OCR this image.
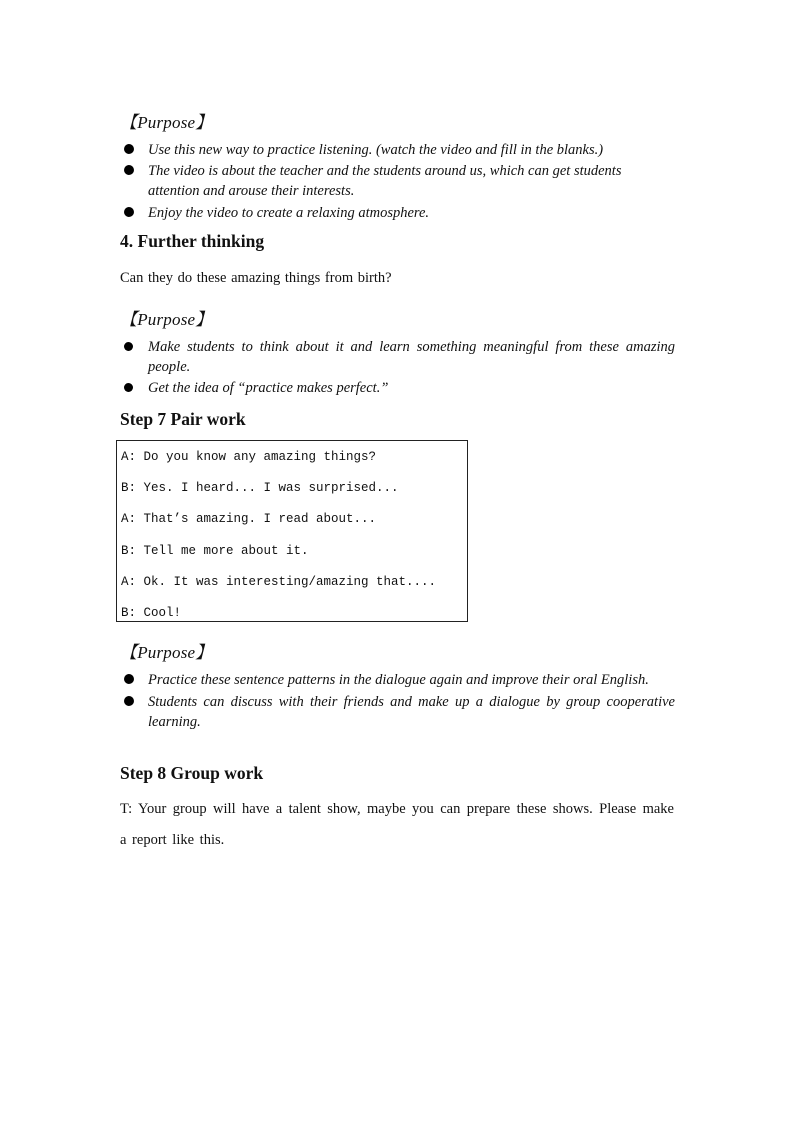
【Purpose】
Use this new way to practice listening. (watch the video and fill in the blanks.)
The video is about the teacher and the students around us, which can get students attention and arouse their interests.
Enjoy the video to create a relaxing atmosphere.
4. Further thinking
Can they do these amazing things from birth?
【Purpose】
Make students to think about it and learn something meaningful from these amazing people.
Get the idea of “practice makes perfect.”
Step 7 Pair work
A: Do you know any amazing things?
B: Yes. I heard... I was surprised...
A: That’s amazing. I read about...
B: Tell me more about it.
A: Ok. It was interesting/amazing that....
B: Cool!
【Purpose】
Practice these sentence patterns in the dialogue again and improve their oral English.
Students can discuss with their friends and make up a dialogue by group cooperative learning.
Step 8 Group work
T: Your group will have a talent show, maybe you can prepare these shows. Please make a report like this.
